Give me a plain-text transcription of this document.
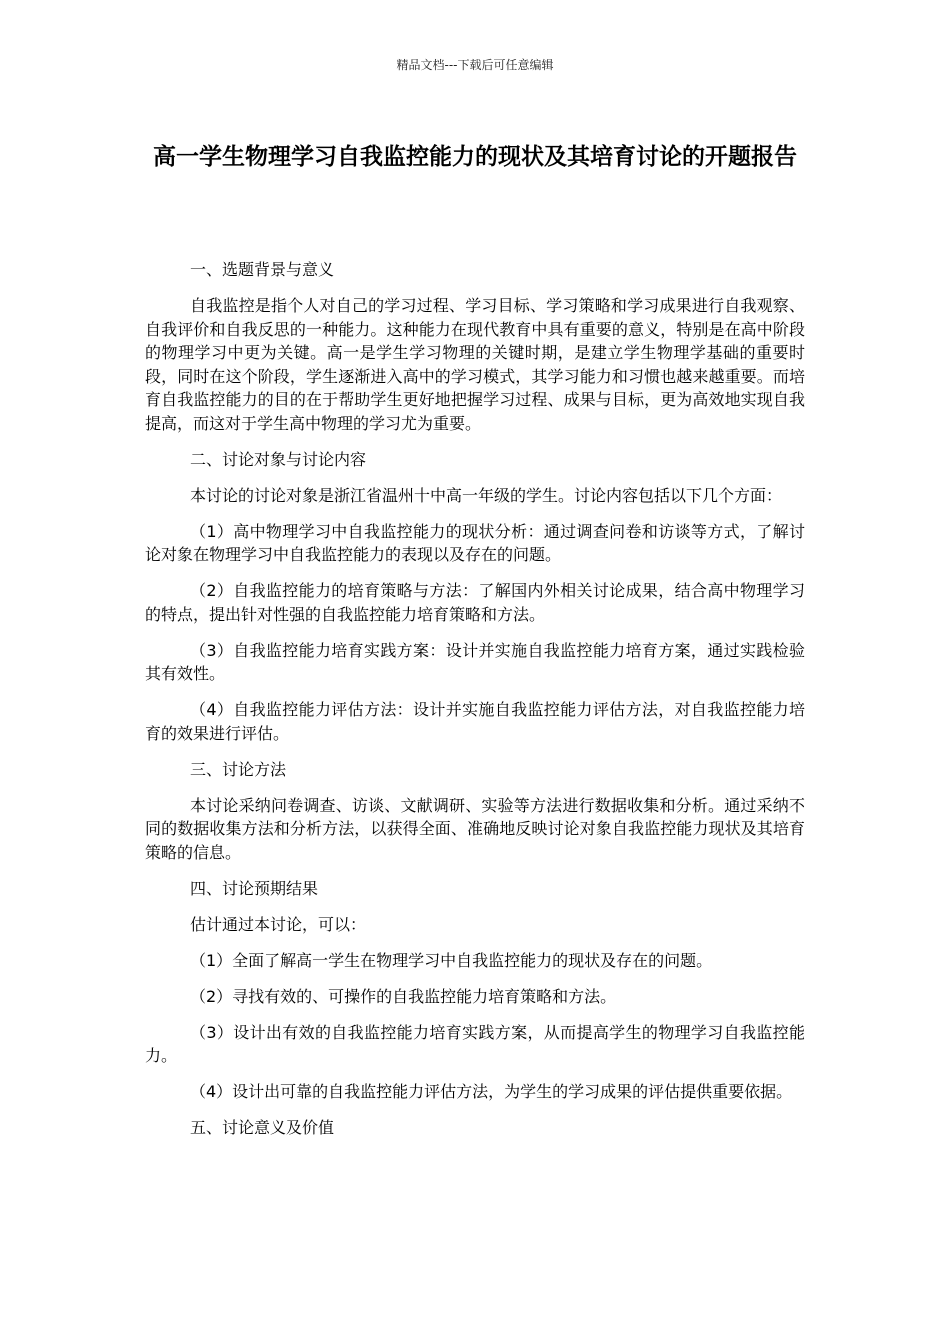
精品文档---下载后可任意编辑
高一学生物理学习自我监控能力的现状及其培育讨论的开题报告

一、选题背景与意义

自我监控是指个人对自己的学习过程、学习目标、学习策略和学习成果进行自我观察、自我评价和自我反思的一种能力。这种能力在现代教育中具有重要的意义，特别是在高中阶段的物理学习中更为关键。高一是学生学习物理的关键时期，是建立学生物理学基础的重要时段，同时在这个阶段，学生逐渐进入高中的学习模式，其学习能力和习惯也越来越重要。而培育自我监控能力的目的在于帮助学生更好地把握学习过程、成果与目标，更为高效地实现自我提高，而这对于学生高中物理的学习尤为重要。

二、讨论对象与讨论内容

本讨论的讨论对象是浙江省温州十中高一年级的学生。讨论内容包括以下几个方面：

（1）高中物理学习中自我监控能力的现状分析：通过调查问卷和访谈等方式，了解讨论对象在物理学习中自我监控能力的表现以及存在的问题。

（2）自我监控能力的培育策略与方法：了解国内外相关讨论成果，结合高中物理学习的特点，提出针对性强的自我监控能力培育策略和方法。

（3）自我监控能力培育实践方案：设计并实施自我监控能力培育方案，通过实践检验其有效性。

（4）自我监控能力评估方法：设计并实施自我监控能力评估方法，对自我监控能力培育的效果进行评估。

三、讨论方法

本讨论采纳问卷调查、访谈、文献调研、实验等方法进行数据收集和分析。通过采纳不同的数据收集方法和分析方法，以获得全面、准确地反映讨论对象自我监控能力现状及其培育策略的信息。

四、讨论预期结果

估计通过本讨论，可以：

（1）全面了解高一学生在物理学习中自我监控能力的现状及存在的问题。

（2）寻找有效的、可操作的自我监控能力培育策略和方法。

（3）设计出有效的自我监控能力培育实践方案，从而提高学生的物理学习自我监控能力。

（4）设计出可靠的自我监控能力评估方法，为学生的学习成果的评估提供重要依据。

五、讨论意义及价值
